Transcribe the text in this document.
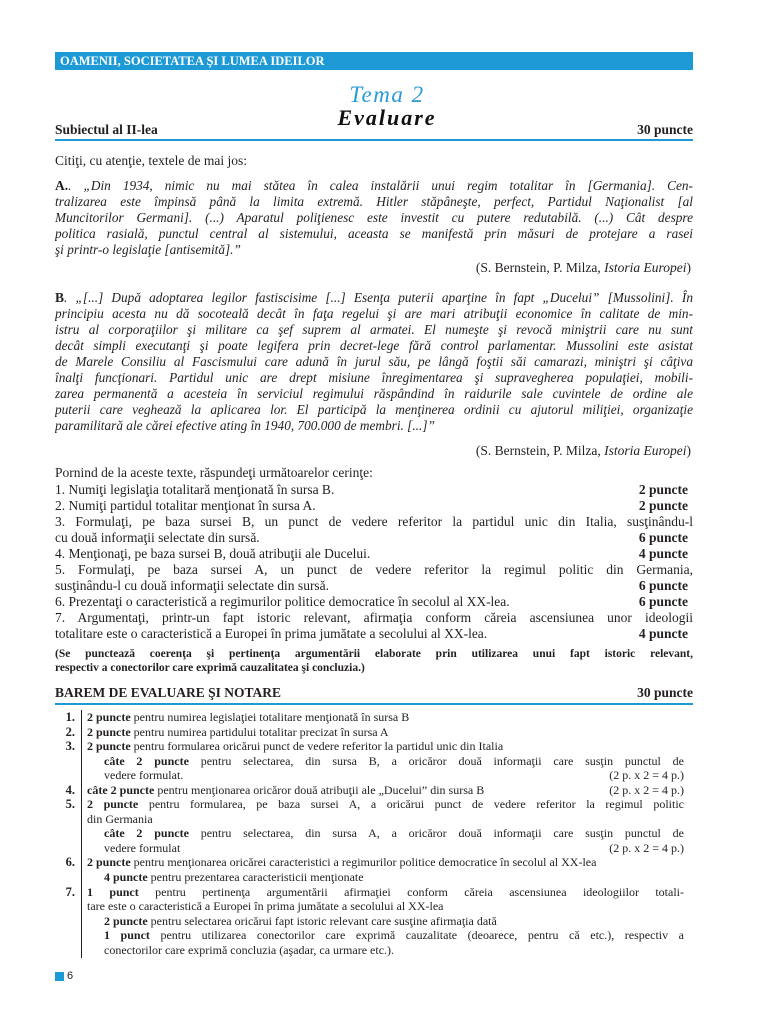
OAMENII, SOCIETATEA ŞI LUMEA IDEILOR
Tema 2
Evaluare
Subiectul al II-lea	30 puncte
Citiţi, cu atenţie, textele de mai jos:
A.. „Din 1934, nimic nu mai stătea în calea instalării unui regim totalitar în [Germania]. Cen-
tralizarea este împinsă până la limita extremă. Hitler stăpâneşte, perfect, Partidul Naţionalist [al
Muncitorilor Germani]. (...) Aparatul poliţienesc este investit cu putere redutabilă. (...) Cât despre
politica rasială, punctul central al sistemului, aceasta se manifestă prin măsuri de protejare a rasei
şi printr-o legislaţie [antisemită].”
(S. Bernstein, P. Milza, Istoria Europei)
B. „[...] După adoptarea legilor fastiscisime [...] Esenţa puterii aparţine în fapt „Ducelui” [Mussolini]. În
principiu acesta nu dă socoteală decât în faţa regelui şi are mari atribuţii economice în calitate de min-
istru al corporaţiilor şi militare ca şef suprem al armatei. El numeşte şi revocă miniştrii care nu sunt
decât simpli executanţi şi poate legifera prin decret-lege fără control parlamentar. Mussolini este asistat
de Marele Consiliu al Fascismului care adună în jurul său, pe lângă foştii săi camarazi, miniştri şi câţiva
înalţi funcţionari. Partidul unic are drept misiune înregimentarea şi supravegherea populaţiei, mobili-
zarea permanentă a acesteia în serviciul regimului răspândind în raidurile sale cuvintele de ordine ale
puterii care veghează la aplicarea lor. El participă la menţinerea ordinii cu ajutorul miliţiei, organizaţie
paramilitară ale cărei efective ating în 1940, 700.000 de membri. [...]”
(S. Bernstein, P. Milza, Istoria Europei)
Pornind de la aceste texte, răspundeţi următoarelor cerinţe:
1. Numiţi legislaţia totalitară menţionată în sursa B.	2 puncte
2. Numiţi partidul totalitar menţionat în sursa A.	2 puncte
3. Formulaţi, pe baza sursei B, un punct de vedere referitor la partidul unic din Italia, susţinându-l
cu două informaţii selectate din sursă.	6 puncte
4. Menţionaţi, pe baza sursei B, două atribuţii ale Ducelui.	4 puncte
5. Formulaţi, pe baza sursei A, un punct de vedere referitor la regimul politic din Germania,
susţinându-l cu două informaţii selectate din sursă.	6 puncte
6. Prezentaţi o caracteristică a regimurilor politice democratice în secolul al XX-lea.	6 puncte
7. Argumentaţi, printr-un fapt istoric relevant, afirmaţia conform căreia ascensiunea unor ideologii
totalitare este o caracteristică a Europei în prima jumătate a secolului al XX-lea.	4 puncte
(Se punctează coerenţa şi pertinenţa argumentării elaborate prin utilizarea unui fapt istoric relevant,
respectiv a conectorilor care exprimă cauzalitatea şi concluzia.)
BAREM DE EVALUARE ŞI NOTARE	30 puncte
1. 2 puncte pentru numirea legislaţiei totalitare menţionată în sursa B
2. 2 puncte pentru numirea partidului totalitar precizat în sursa A
3. 2 puncte pentru formularea oricărui punct de vedere referitor la partidul unic din Italia
câte 2 puncte pentru selectarea, din sursa B, a oricăror două informaţii care susţin punctul de
vedere formulat.	(2 p. x 2 = 4 p.)
4. câte 2 puncte pentru menţionarea oricăror două atribuţii ale „Ducelui” din sursa B	(2 p. x 2 = 4 p.)
5. 2 puncte pentru formularea, pe baza sursei A, a oricărui punct de vedere referitor la regimul politic
din Germania
câte 2 puncte pentru selectarea, din sursa A, a oricăror două informaţii care susţin punctul de
vedere formulat	(2 p. x 2 = 4 p.)
6. 2 puncte pentru menţionarea oricărei caracteristici a regimurilor politice democratice în secolul al XX-lea
4 puncte pentru prezentarea caracteristicii menţionate
7. 1 punct pentru pertinenţa argumentării afirmaţiei conform căreia ascensiunea ideologiilor totali-
tare este o caracteristică a Europei în prima jumătate a secolului al XX-lea
2 puncte pentru selectarea oricărui fapt istoric relevant care susţine afirmaţia dată
1 punct pentru utilizarea conectorilor care exprimă cauzalitate (deoarece, pentru că etc.), respectiv a
conectorilor care exprimă concluzia (aşadar, ca urmare etc.).
6
